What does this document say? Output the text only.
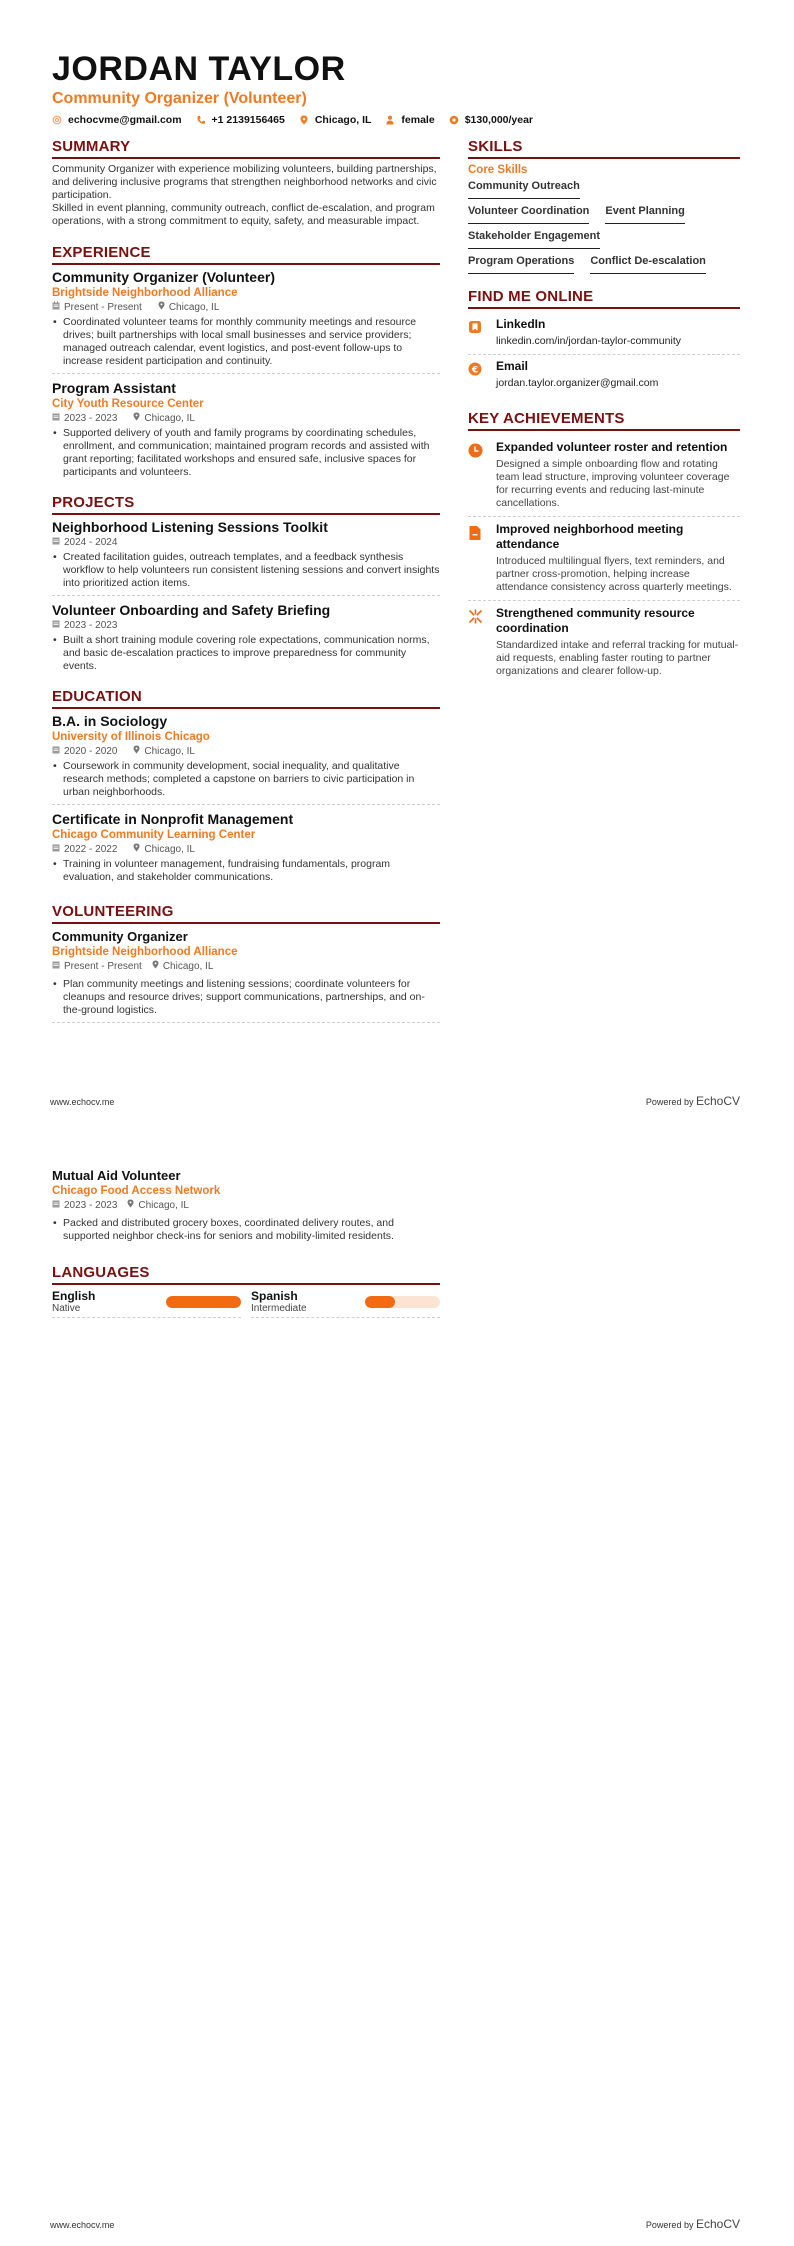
JORDAN TAYLOR
Community Organizer (Volunteer)
echocvme@gmail.com	+1 2139156465	Chicago, IL	female	$130,000/year
SUMMARY

Community Organizer with experience mobilizing volunteers, building partnerships, and delivering inclusive programs that strengthen neighborhood networks and civic participation.

Skilled in event planning, community outreach, conflict de-escalation, and program operations, with a strong commitment to equity, safety, and measurable impact.

EXPERIENCE
Community Organizer (Volunteer)
Brightside Neighborhood Alliance
Present - Present	Chicago, IL
• Coordinated volunteer teams for monthly community meetings and resource drives; built partnerships with local small businesses and service providers; managed outreach calendar, event logistics, and post-event follow-ups to increase resident participation and continuity.
Program Assistant
City Youth Resource Center
2023 - 2023	Chicago, IL
• Supported delivery of youth and family programs by coordinating schedules, enrollment, and communication; maintained program records and assisted with grant reporting; facilitated workshops and ensured safe, inclusive spaces for participants and volunteers.
PROJECTS
Neighborhood Listening Sessions Toolkit
2024 - 2024
• Created facilitation guides, outreach templates, and a feedback synthesis workflow to help volunteers run consistent listening sessions and convert insights into prioritized action items.
Volunteer Onboarding and Safety Briefing
2023 - 2023
• Built a short training module covering role expectations, communication norms, and basic de-escalation practices to improve preparedness for community events.
EDUCATION
B.A. in Sociology
University of Illinois Chicago
2020 - 2020	Chicago, IL
• Coursework in community development, social inequality, and qualitative research methods; completed a capstone on barriers to civic participation in urban neighborhoods.
Certificate in Nonprofit Management
Chicago Community Learning Center
2022 - 2022	Chicago, IL
• Training in volunteer management, fundraising fundamentals, program evaluation, and stakeholder communications.
VOLUNTEERING
Community Organizer
Brightside Neighborhood Alliance
Present - Present Chicago, IL
• Plan community meetings and listening sessions; coordinate volunteers for cleanups and resource drives; support communications, partnerships, and on-the-ground logistics.
SKILLS
Core Skills
Community Outreach
Volunteer Coordination Event Planning
Stakeholder Engagement
Program Operations Conflict De-escalation
FIND ME ONLINE
LinkedIn
linkedin.com/in/jordan-taylor-community
€ Email
jordan.taylor.organizer@gmail.com
KEY ACHIEVEMENTS
Expanded volunteer roster and retention
Designed a simple onboarding flow and rotating team lead structure, improving volunteer coverage for recurring events and reducing last-minute cancellations.
Improved neighborhood meeting attendance
Introduced multilingual flyers, text reminders, and partner cross-promotion, helping increase attendance consistency across quarterly meetings.
Strengthened community resource coordination
Standardized intake and referral tracking for mutual-aid requests, enabling faster routing to partner organizations and clearer follow-up.
www.echocv.me	Powered by EchoCV
Mutual Aid Volunteer
Chicago Food Access Network
2023 - 2023 Chicago, IL
• Packed and distributed grocery boxes, coordinated delivery routes, and supported neighbor check-ins for seniors and mobility-limited residents.
LANGUAGES
English
Native
Spanish
Intermediate
www.echocv.me	Powered by EchoCV
